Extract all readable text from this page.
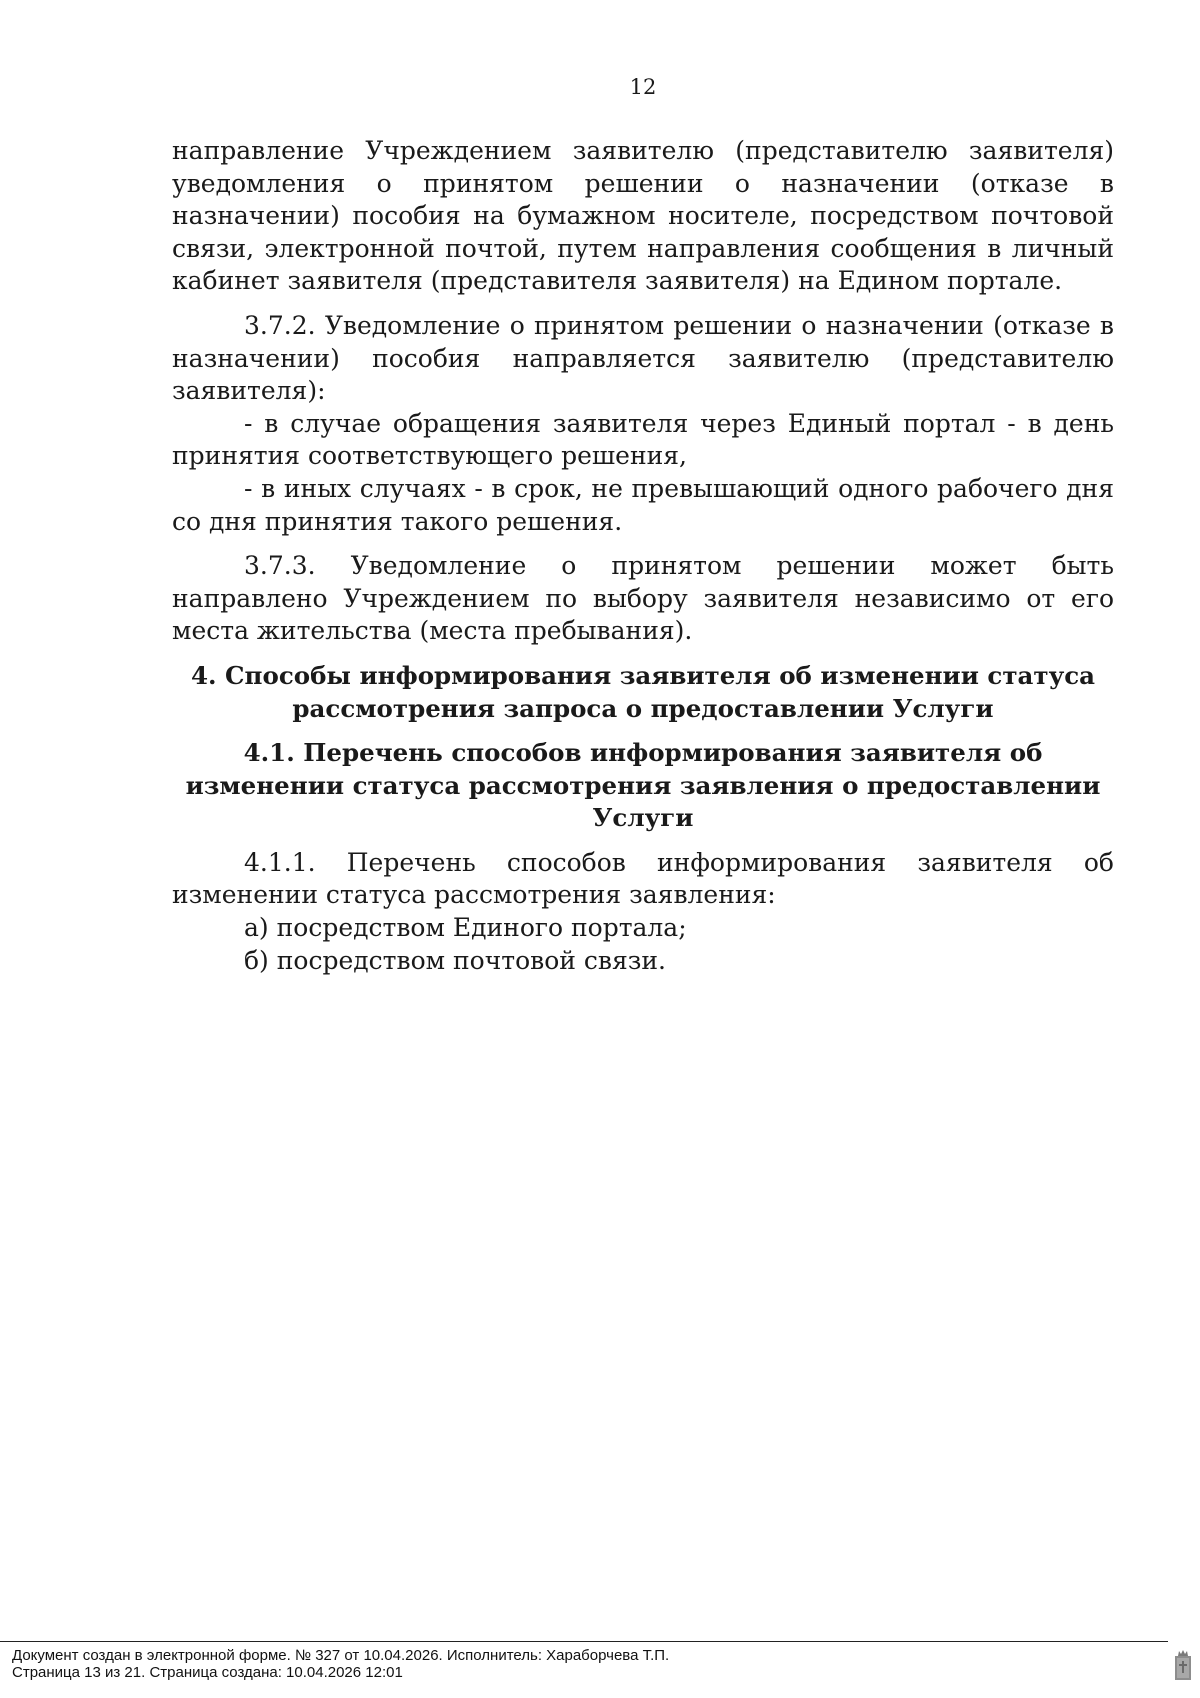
12

направление Учреждением заявителю (представителю заявителя) уведомления о принятом решении о назначении (отказе в назначении) пособия на бумажном носителе, посредством почтовой связи, электронной почтой, путем направления сообщения в личный кабинет заявителя (представителя заявителя) на Едином портале.

3.7.2. Уведомление о принятом решении о назначении (отказе в назначении) пособия направляется заявителю (представителю заявителя):

- в случае обращения заявителя через Единый портал - в день принятия соответствующего решения,

- в иных случаях - в срок, не превышающий одного рабочего дня со дня принятия такого решения.

3.7.3. Уведомление о принятом решении может быть направлено Учреждением по выбору заявителя независимо от его места жительства (места пребывания).

4. Способы информирования заявителя об изменении статуса рассмотрения запроса о предоставлении Услуги
4.1. Перечень способов информирования заявителя об изменении статуса рассмотрения заявления о предоставлении Услуги

4.1.1. Перечень способов информирования заявителя об изменении статуса рассмотрения заявления:

а) посредством Единого портала;

б) посредством почтовой связи.

Документ создан в электронной форме. № 327 от 10.04.2026. Исполнитель: Хараборчева Т.П.
Страница 13 из 21. Страница создана: 10.04.2026 12:01
